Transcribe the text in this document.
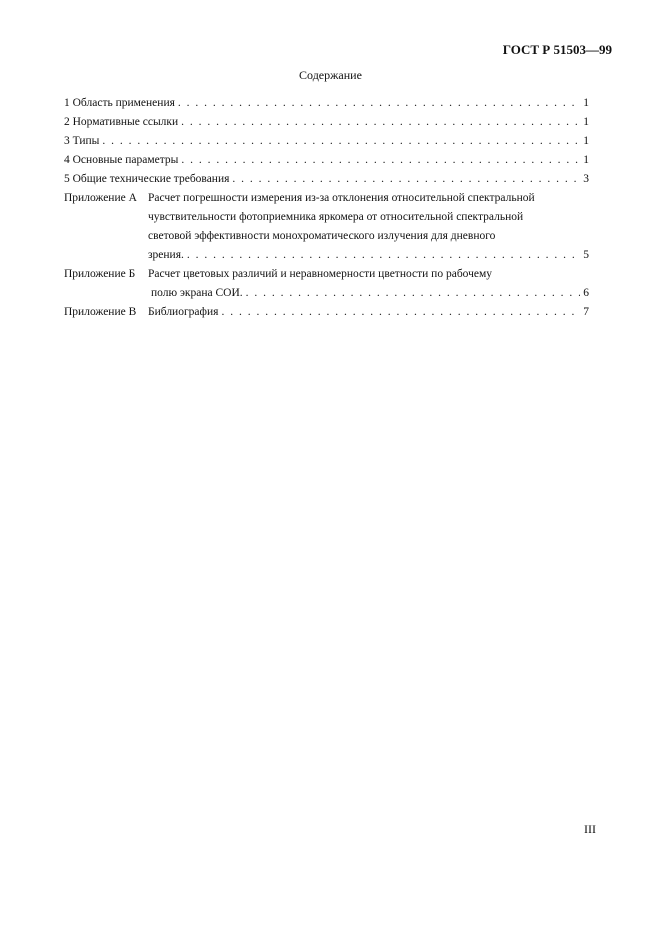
ГОСТ Р 51503—99
Содержание
1 Область применения . . .	1
2 Нормативные ссылки . . .	1
3 Типы . . .	1
4 Основные параметры . . .	1
5 Общие технические требования . . .	3
Приложение А Расчет погрешности измерения из-за отклонения относительной спектральной
чувствительности фотоприемника яркомера от относительной спектральной
световой эффективности монохроматического излучения для дневного
зрения. . . .	5
Приложение Б	Расчет цветовых различий и неравномерности цветности по рабочему
полю экрана СОИ. . . .	6
Приложение В	Библиография . . .	7
III
